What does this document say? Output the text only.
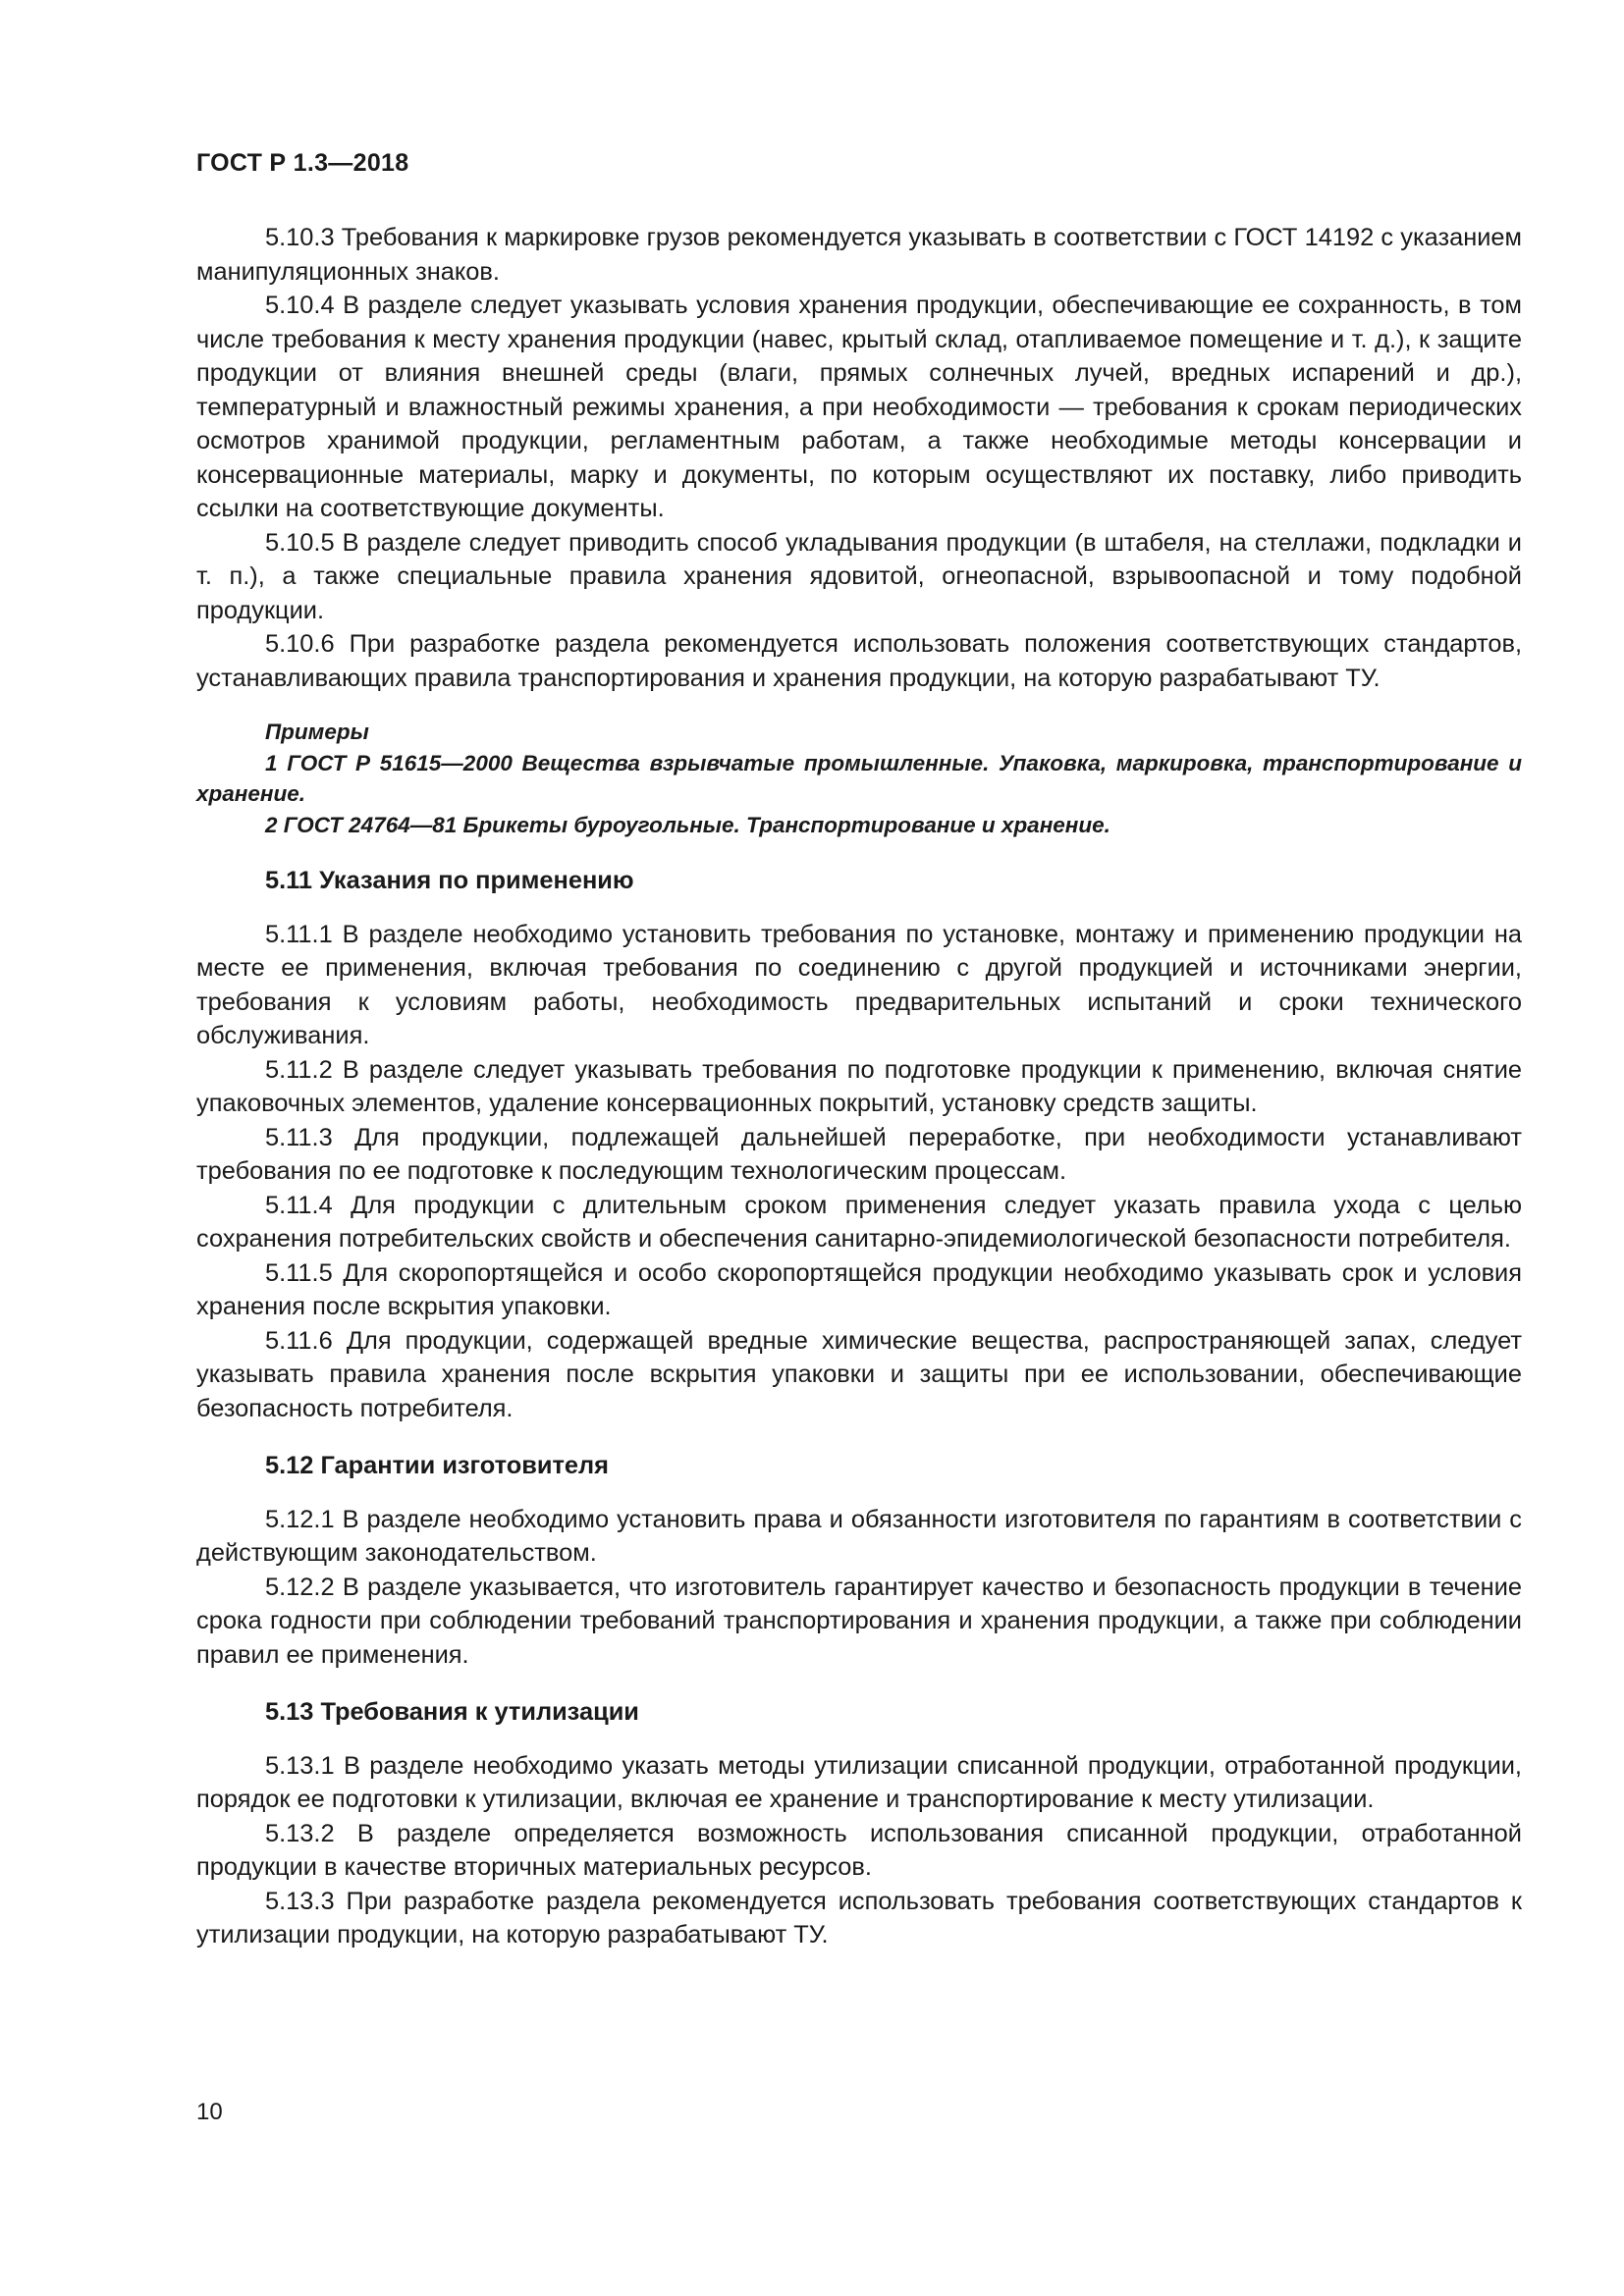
ГОСТ Р 1.3—2018

5.10.3 Требования к маркировке грузов рекомендуется указывать в соответствии с ГОСТ 14192 с указанием манипуляционных знаков.

5.10.4 В разделе следует указывать условия хранения продукции, обеспечивающие ее сохранность, в том числе требования к месту хранения продукции (навес, крытый склад, отапливаемое помещение и т. д.), к защите продукции от влияния внешней среды (влаги, прямых солнечных лучей, вредных испарений и др.), температурный и влажностный режимы хранения, а при необходимости — требования к срокам периодических осмотров хранимой продукции, регламентным работам, а также необходимые методы консервации и консервационные материалы, марку и документы, по которым осуществляют их поставку, либо приводить ссылки на соответствующие документы.

5.10.5 В разделе следует приводить способ укладывания продукции (в штабеля, на стеллажи, подкладки и т. п.), а также специальные правила хранения ядовитой, огнеопасной, взрывоопасной и тому подобной продукции.

5.10.6 При разработке раздела рекомендуется использовать положения соответствующих стандартов, устанавливающих правила транспортирования и хранения продукции, на которую разрабатывают ТУ.

Примеры

1 ГОСТ Р 51615—2000 Вещества взрывчатые промышленные. Упаковка, маркировка, транспортирование и хранение.

2 ГОСТ 24764—81 Брикеты буроугольные. Транспортирование и хранение.

5.11 Указания по применению

5.11.1 В разделе необходимо установить требования по установке, монтажу и применению продукции на месте ее применения, включая требования по соединению с другой продукцией и источниками энергии, требования к условиям работы, необходимость предварительных испытаний и сроки технического обслуживания.

5.11.2 В разделе следует указывать требования по подготовке продукции к применению, включая снятие упаковочных элементов, удаление консервационных покрытий, установку средств защиты.

5.11.3 Для продукции, подлежащей дальнейшей переработке, при необходимости устанавливают требования по ее подготовке к последующим технологическим процессам.

5.11.4 Для продукции с длительным сроком применения следует указать правила ухода с целью сохранения потребительских свойств и обеспечения санитарно-эпидемиологической безопасности потребителя.

5.11.5 Для скоропортящейся и особо скоропортящейся продукции необходимо указывать срок и условия хранения после вскрытия упаковки.

5.11.6 Для продукции, содержащей вредные химические вещества, распространяющей запах, следует указывать правила хранения после вскрытия упаковки и защиты при ее использовании, обеспечивающие безопасность потребителя.

5.12 Гарантии изготовителя

5.12.1 В разделе необходимо установить права и обязанности изготовителя по гарантиям в соответствии с действующим законодательством.

5.12.2 В разделе указывается, что изготовитель гарантирует качество и безопасность продукции в течение срока годности при соблюдении требований транспортирования и хранения продукции, а также при соблюдении правил ее применения.

5.13 Требования к утилизации

5.13.1 В разделе необходимо указать методы утилизации списанной продукции, отработанной продукции, порядок ее подготовки к утилизации, включая ее хранение и транспортирование к месту утилизации.

5.13.2 В разделе определяется возможность использования списанной продукции, отработанной продукции в качестве вторичных материальных ресурсов.

5.13.3 При разработке раздела рекомендуется использовать требования соответствующих стандартов к утилизации продукции, на которую разрабатывают ТУ.

10
